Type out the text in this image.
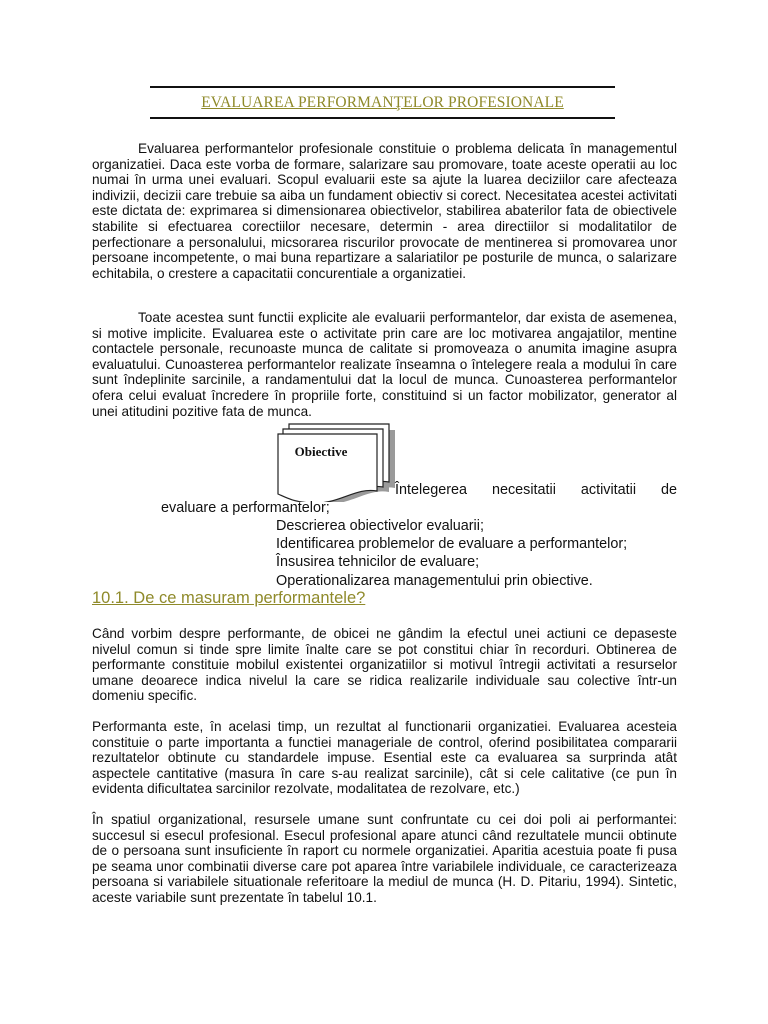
EVALUAREA PERFORMANŢELOR PROFESIONALE

Evaluarea performantelor profesionale constituie o problema delicata în managementul organizatiei. Daca este vorba de formare, salarizare sau promovare, toate aceste operatii au loc numai în urma unei evaluari. Scopul evaluarii este sa ajute la luarea deciziilor care afecteaza indivizii, decizii care trebuie sa aiba un fundament obiectiv si corect. Necesitatea acestei activitati este dictata de: exprimarea si dimensionarea obiectivelor, stabilirea abaterilor fata de obiectivele stabilite si efectuarea corectiilor necesare, determin - area directiilor si modalitatilor de perfectionare a personalului, micsorarea riscurilor provocate de mentinerea si promovarea unor persoane incompetente, o mai buna repartizare a salariatilor pe posturile de munca, o salarizare echitabila, o crestere a capacitatii concurentiale a organizatiei.

Toate acestea sunt functii explicite ale evaluarii performantelor, dar exista de asemenea, si motive implicite. Evaluarea este o activitate prin care are loc motivarea angajatilor, mentine contactele personale, recunoaste munca de calitate si promoveaza o anumita imagine asupra evaluatului. Cunoasterea performantelor realizate înseamna o întelegere reala a modului în care sunt îndeplinite sarcinile, a randamentului dat la locul de munca. Cunoasterea performantelor ofera celui evaluat încredere în propriile forte, constituind si un factor mobilizator, generator al unei atitudini pozitive fata de munca.

Obiective

Întelegerea necesitatii activitatii de

evaluare a performantelor;

Descrierea obiectivelor evaluarii;
Identificarea problemelor de evaluare a performantelor;
Însusirea tehnicilor de evaluare;
Operationalizarea managementului prin obiective.
10.1. De ce masuram performantele?

Când vorbim despre performante, de obicei ne gândim la efectul unei actiuni ce depaseste nivelul comun si tinde spre limite înalte care se pot constitui chiar în recorduri. Obtinerea de performante constituie mobilul existentei organizatiilor si motivul întregii activitati a resurselor umane deoarece indica nivelul la care se ridica realizarile individuale sau colective într-un domeniu specific.

Performanta este, în acelasi timp, un rezultat al functionarii organizatiei. Evaluarea acesteia constituie o parte importanta a functiei manageriale de control, oferind posibilitatea compararii rezultatelor obtinute cu standardele impuse. Esential este ca evaluarea sa surprinda atât aspectele cantitative (masura în care s-au realizat sarcinile), cât si cele calitative (ce pun în evidenta dificultatea sarcinilor rezolvate, modalitatea de rezolvare, etc.)

În spatiul organizational, resursele umane sunt confruntate cu cei doi poli ai performantei: succesul si esecul profesional. Esecul profesional apare atunci când rezultatele muncii obtinute de o persoana sunt insuficiente în raport cu normele organizatiei. Aparitia acestuia poate fi pusa pe seama unor combinatii diverse care pot aparea între variabilele individuale, ce caracterizeaza persoana si variabilele situationale referitoare la mediul de munca (H. D. Pitariu, 1994). Sintetic, aceste variabile sunt prezentate în tabelul 10.1.
